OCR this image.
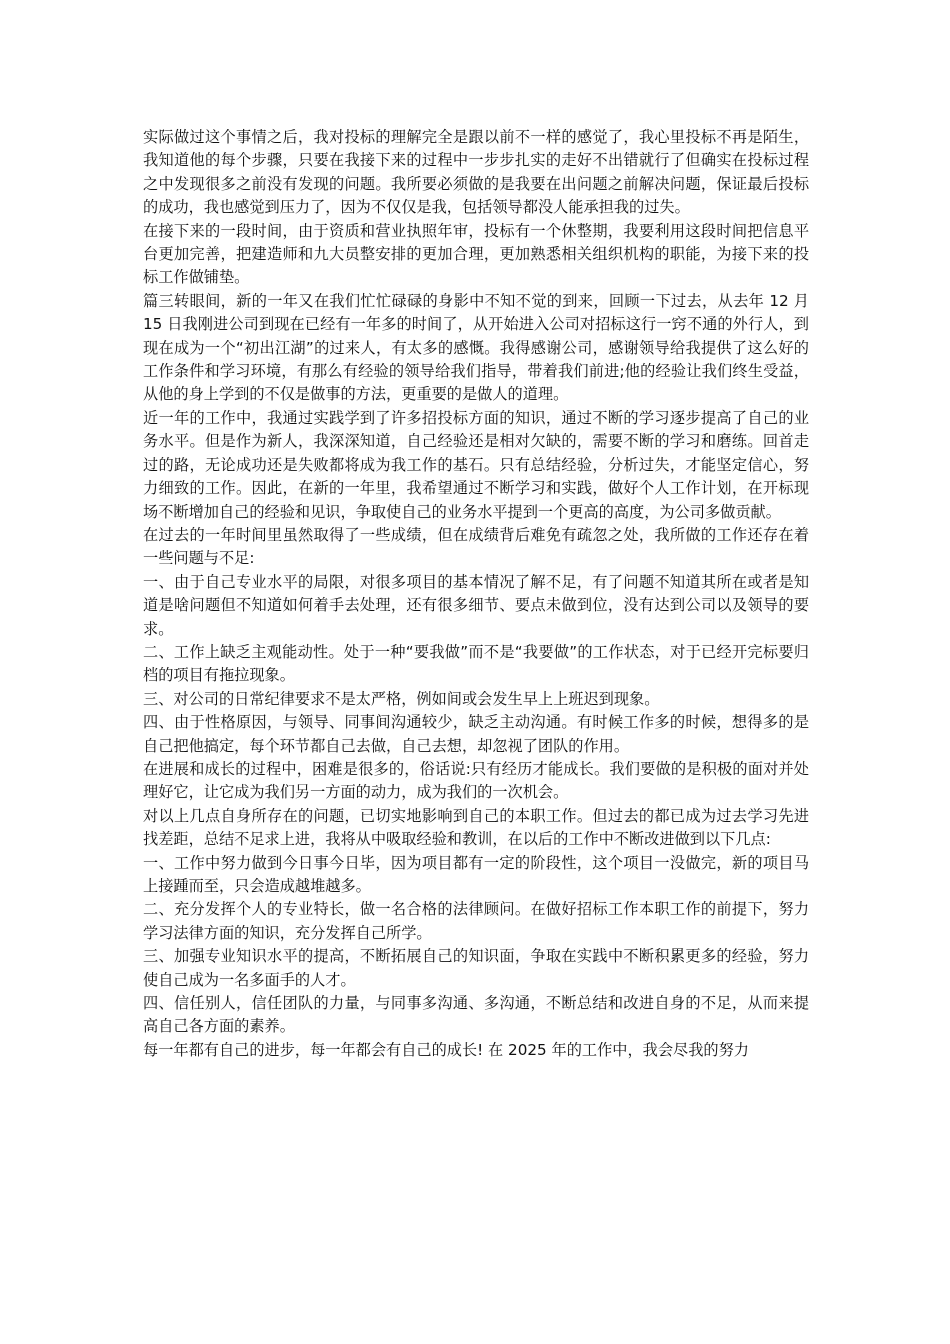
实际做过这个事情之后，我对投标的理解完全是跟以前不一样的感觉了，我心里投标不再是陌生，我知道他的每个步骤，只要在我接下来的过程中一步步扎实的走好不出错就行了但确实在投标过程之中发现很多之前没有发现的问题。我所要必须做的是我要在出问题之前解决问题，保证最后投标的成功，我也感觉到压力了，因为不仅仅是我，包括领导都没人能承担我的过失。

在接下来的一段时间，由于资质和营业执照年审，投标有一个休整期，我要利用这段时间把信息平台更加完善，把建造师和九大员整安排的更加合理，更加熟悉相关组织机构的职能，为接下来的投标工作做铺垫。

篇三转眼间，新的一年又在我们忙忙碌碌的身影中不知不觉的到来，回顾一下过去，从去年 12 月 15 日我刚进公司到现在已经有一年多的时间了，从开始进入公司对招标这行一窍不通的外行人，到现在成为一个“初出江湖”的过来人，有太多的感慨。我得感谢公司，感谢领导给我提供了这么好的工作条件和学习环境，有那么有经验的领导给我们指导，带着我们前进;他的经验让我们终生受益，从他的身上学到的不仅是做事的方法，更重要的是做人的道理。

近一年的工作中，我通过实践学到了许多招投标方面的知识，通过不断的学习逐步提高了自己的业务水平。但是作为新人，我深深知道，自己经验还是相对欠缺的，需要不断的学习和磨练。回首走过的路，无论成功还是失败都将成为我工作的基石。只有总结经验，分析过失，才能坚定信心，努力细致的工作。因此，在新的一年里，我希望通过不断学习和实践，做好个人工作计划，在开标现场不断增加自己的经验和见识，争取使自己的业务水平提到一个更高的高度，为公司多做贡献。

在过去的一年时间里虽然取得了一些成绩，但在成绩背后难免有疏忽之处，我所做的工作还存在着一些问题与不足:

一、由于自己专业水平的局限，对很多项目的基本情况了解不足，有了问题不知道其所在或者是知道是啥问题但不知道如何着手去处理，还有很多细节、要点未做到位，没有达到公司以及领导的要求。

二、工作上缺乏主观能动性。处于一种“要我做”而不是“我要做”的工作状态，对于已经开完标要归档的项目有拖拉现象。

三、对公司的日常纪律要求不是太严格，例如间或会发生早上上班迟到现象。

四、由于性格原因，与领导、同事间沟通较少，缺乏主动沟通。有时候工作多的时候，想得多的是自己把他搞定，每个环节都自己去做，自己去想，却忽视了团队的作用。

在进展和成长的过程中，困难是很多的，俗话说:只有经历才能成长。我们要做的是积极的面对并处理好它，让它成为我们另一方面的动力，成为我们的一次机会。

对以上几点自身所存在的问题，已切实地影响到自己的本职工作。但过去的都已成为过去学习先进找差距，总结不足求上进，我将从中吸取经验和教训，在以后的工作中不断改进做到以下几点:

一、工作中努力做到今日事今日毕，因为项目都有一定的阶段性，这个项目一没做完，新的项目马上接踵而至，只会造成越堆越多。

二、充分发挥个人的专业特长，做一名合格的法律顾问。在做好招标工作本职工作的前提下，努力学习法律方面的知识，充分发挥自己所学。

三、加强专业知识水平的提高，不断拓展自己的知识面，争取在实践中不断积累更多的经验，努力使自己成为一名多面手的人才。

四、信任别人，信任团队的力量，与同事多沟通、多沟通，不断总结和改进自身的不足，从而来提高自己各方面的素养。

每一年都有自己的进步，每一年都会有自己的成长! 在 2025 年的工作中，我会尽我的努力
